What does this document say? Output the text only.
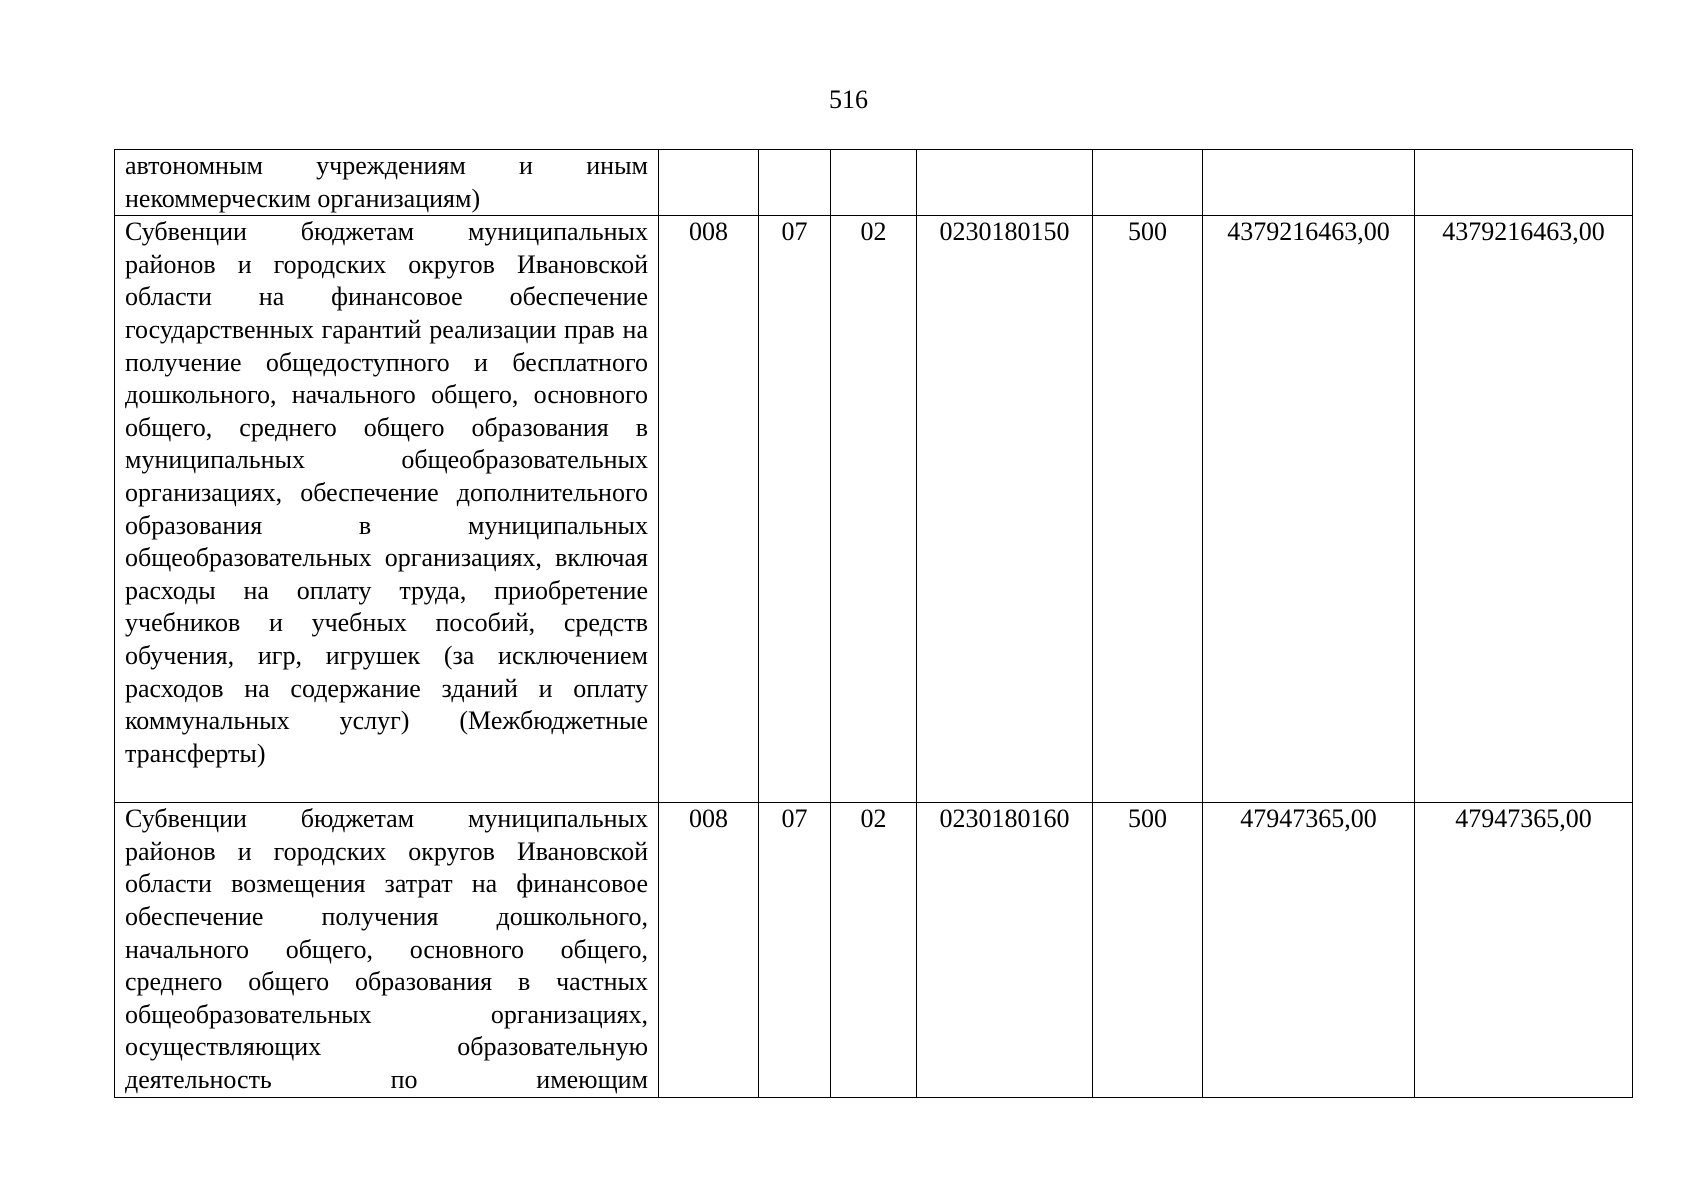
516
автономным учреждениям и иным некоммерческим организациям)							
Субвенции бюджетам муниципальных районов и городских округов Ивановской области на финансовое обеспечение государственных гарантий реализации прав на получение общедоступного и бесплатного дошкольного, начального общего, основного общего, среднего общего образования в муниципальных общеобразовательных организациях, обеспечение дополнительного образования в муниципальных общеобразовательных организациях, включая расходы на оплату труда, приобретение учебников и учебных пособий, средств обучения, игр, игрушек (за исключением расходов на содержание зданий и оплату коммунальных услуг) (Межбюджетные трансферты)	008	07	02	0230180150	500	4379216463,00	4379216463,00
Субвенции бюджетам муниципальных районов и городских округов Ивановской области возмещения затрат на финансовое обеспечение получения дошкольного, начального общего, основного общего, среднего общего образования в частных общеобразовательных организациях, осуществляющих образовательную деятельность по имеющим	008	07	02	0230180160	500	47947365,00	47947365,00
